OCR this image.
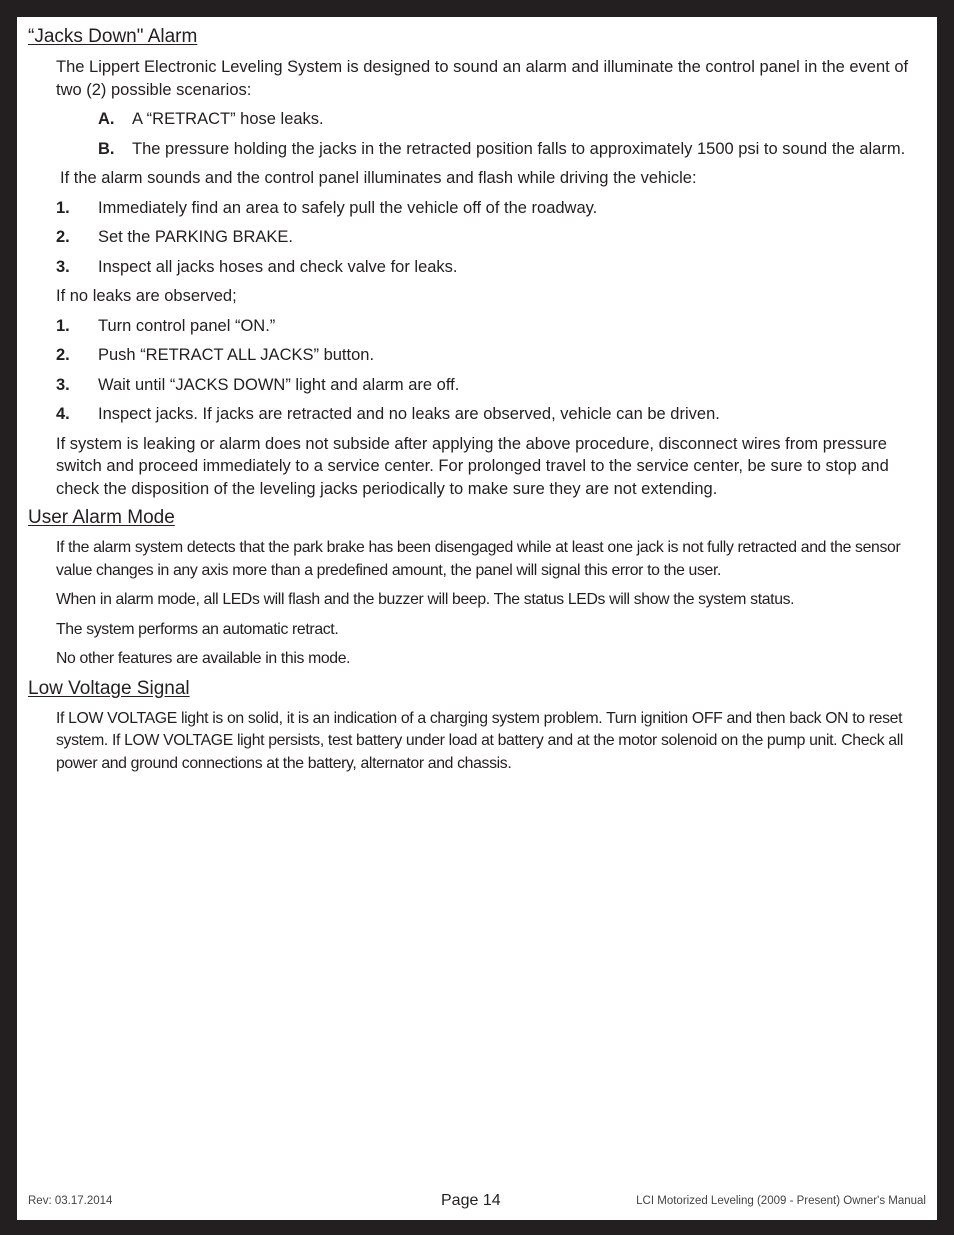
“Jacks Down" Alarm

The Lippert Electronic Leveling System is designed to sound an alarm and illuminate the control panel in the event of two (2) possible scenarios:

A.	A “RETRACT” hose leaks.
B.	The pressure holding the jacks in the retracted position falls to approximately 1500 psi to sound the alarm.

If the alarm sounds and the control panel illuminates and flash while driving the vehicle:

1.	Immediately find an area to safely pull the vehicle off of the roadway.
2.	Set the PARKING BRAKE.
3.	Inspect all jacks hoses and check valve for leaks.

If no leaks are observed;

1.	Turn control panel “ON.”
2.	Push “RETRACT ALL JACKS” button.
3.	Wait until “JACKS DOWN” light and alarm are off.
4.	Inspect jacks. If jacks are retracted and no leaks are observed, vehicle can be driven.

If system is leaking or alarm does not subside after applying the above procedure, disconnect wires from pressure switch and proceed immediately to a service center. For prolonged travel to the service center, be sure to stop and check the disposition of the leveling jacks periodically to make sure they are not extending.

User Alarm Mode

If the alarm system detects that the park brake has been disengaged while at least one jack is not fully retracted and the sensor value changes in any axis more than a predefined amount, the panel will signal this error to the user.

When in alarm mode, all LEDs will flash and the buzzer will beep. The status LEDs will show the system status.

The system performs an automatic retract.

No other features are available in this mode.

Low Voltage Signal

If LOW VOLTAGE light is on solid, it is an indication of a charging system problem. Turn ignition OFF and then back ON to reset system. If LOW VOLTAGE light persists, test battery under load at battery and at the motor solenoid on the pump unit. Check all power and ground connections at the battery, alternator and chassis.

Rev: 03.17.2014	Page 14	LCI Motorized Leveling (2009 - Present) Owner's Manual
